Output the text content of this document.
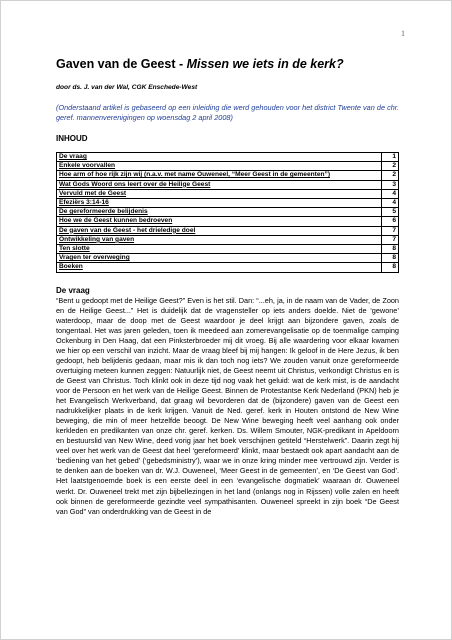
1
Gaven van de Geest - Missen we iets in de kerk?
door ds. J. van der Wal, CGK Enschede-West
(Onderstaand artikel is gebaseerd op een inleiding die werd gehouden voor het district Twente van de chr. geref. mannenverenigingen op woensdag 2 april 2008)
INHOUD
De vraag	1
Enkele voorvallen	2
Hoe arm of hoe rijk zijn wij (n.a.v. met name Ouweneel, “Meer Geest in de gemeenten”)	2
Wat Gods Woord ons leert over de Heilige Geest	3
Vervuld met de Geest	4
Efeziërs 3:14-16	4
De gereformeerde belijdenis	5
Hoe we de Geest kunnen bedroeven	6
De gaven van de Geest - het drieledige doel	7
Ontwikkeling van gaven	7
Ten slotte	8
Vragen ter overweging	8
Boeken	8
De vraag

“Bent u gedoopt met de Heilige Geest?” Even is het stil. Dan: “...eh, ja, in de naam van de Vader, de Zoon en de Heilige Geest...” Het is duidelijk dat de vragensteller op iets anders doelde. Niet de ‘gewone’ waterdoop, maar de doop met de Geest waardoor je deel krijgt aan bijzondere gaven, zoals de tongentaal. Het was jaren geleden, toen ik meedeed aan zomerevangelisatie op de toenmalige camping Ockenburg in Den Haag, dat een Pinksterbroeder mij dit vroeg. Bij alle waardering voor elkaar kwamen we hier op een verschil van inzicht. Maar de vraag bleef bij mij hangen: Ik geloof in de Here Jezus, ik ben gedoopt, heb belijdenis gedaan, maar mis ik dan toch nog iets? We zouden vanuit onze gereformeerde overtuiging meteen kunnen zeggen: Natuurlijk niet, de Geest neemt uit Christus, verkondigt Christus en is de Geest van Christus. Toch klinkt ook in deze tijd nog vaak het geluid: wat de kerk mist, is de aandacht voor de Persoon en het werk van de Heilige Geest. Binnen de Protestantse Kerk Nederland (PKN) heb je het Evangelisch Werkverband, dat graag wil bevorderen dat de (bijzondere) gaven van de Geest een nadrukkelijker plaats in de kerk krijgen. Vanuit de Ned. geref. kerk in Houten ontstond de New Wine beweging, die min of meer hetzelfde beoogt. De New Wine beweging heeft veel aanhang ook onder kerkleden en predikanten van onze chr. geref. kerken. Ds. Willem Smouter, NGK-predikant in Apeldoorn en bestuurslid van New Wine, deed vorig jaar het boek verschijnen getiteld “Herstelwerk”. Daarin zegt hij veel over het werk van de Geest dat heel ‘gereformeerd’ klinkt, maar bestaedt ook apart aandacht aan de ‘bediening van het gebed’ (‘gebedsministry’), waar we in onze kring minder mee vertrouwd zijn. Verder is te denken aan de boeken van dr. W.J. Ouweneel, ‘Meer Geest in de gemeenten’, en ‘De Geest van God’. Het laatstgenoemde boek is een eerste deel in een ‘evangelische dogmatiek’ waaraan dr. Ouweneel werkt. Dr. Ouweneel trekt met zijn bijbellezingen in het land (onlangs nog in Rijssen) volle zalen en heeft ook binnen de gereformeerde gezindte veel sympathisanten. Ouweneel spreekt in zijn boek “De Geest van God” van onderdrukking van de Geest in de
